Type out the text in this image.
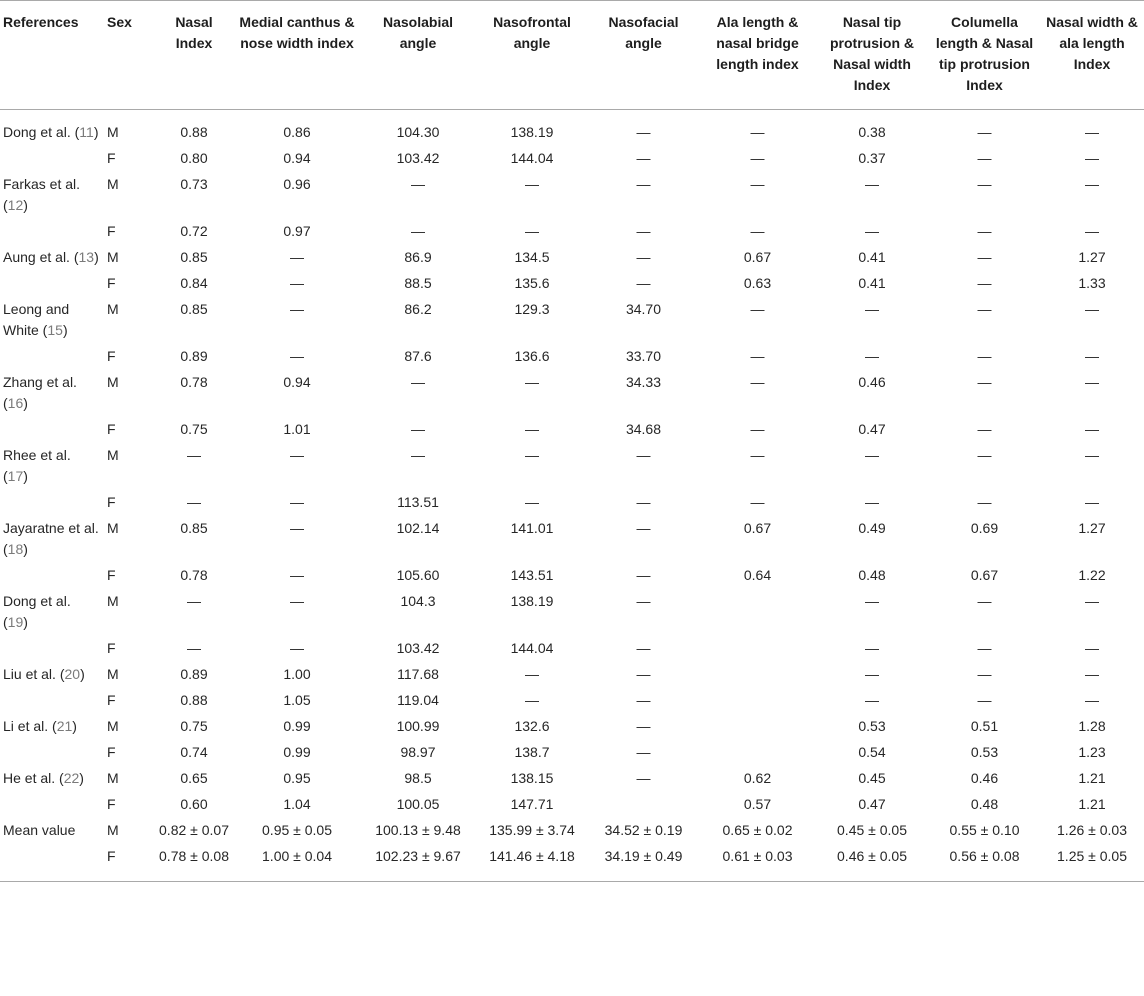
References	Sex	Nasal Index	Medial canthus & nose width index	Nasolabial angle	Nasofrontal angle	Nasofacial angle	Ala length & nasal bridge length index	Nasal tip protrusion & Nasal width Index	Columella length & Nasal tip protrusion Index	Nasal width & ala length Index
Dong et al. (11)	M	0.88	0.86	104.30	138.19	—	—	0.38	—	—
	F	0.80	0.94	103.42	144.04	—	—	0.37	—	—
Farkas et al. (12)	M	0.73	0.96	—	—	—	—	—	—	—
	F	0.72	0.97	—	—	—	—	—	—	—
Aung et al. (13)	M	0.85	—	86.9	134.5	—	0.67	0.41	—	1.27
	F	0.84	—	88.5	135.6	—	0.63	0.41	—	1.33
Leong and White (15)	M	0.85	—	86.2	129.3	34.70	—	—	—	—
	F	0.89	—	87.6	136.6	33.70	—	—	—	—
Zhang et al. (16)	M	0.78	0.94	—	—	34.33	—	0.46	—	—
	F	0.75	1.01	—	—	34.68	—	0.47	—	—
Rhee et al. (17)	M	—	—	—	—	—	—	—	—	—
	F	—	—	113.51	—	—	—	—	—	—
Jayaratne et al. (18)	M	0.85	—	102.14	141.01	—	0.67	0.49	0.69	1.27
	F	0.78	—	105.60	143.51	—	0.64	0.48	0.67	1.22
Dong et al. (19)	M	—	—	104.3	138.19	—		—	—	—
	F	—	—	103.42	144.04	—		—	—	—
Liu et al. (20)	M	0.89	1.00	117.68	—	—		—	—	—
	F	0.88	1.05	119.04	—	—		—	—	—
Li et al. (21)	M	0.75	0.99	100.99	132.6	—		0.53	0.51	1.28
	F	0.74	0.99	98.97	138.7	—		0.54	0.53	1.23
He et al. (22)	M	0.65	0.95	98.5	138.15	—	0.62	0.45	0.46	1.21
	F	0.60	1.04	100.05	147.71		0.57	0.47	0.48	1.21
Mean value	M	0.82 ± 0.07	0.95 ± 0.05	100.13 ± 9.48	135.99 ± 3.74	34.52 ± 0.19	0.65 ± 0.02	0.45 ± 0.05	0.55 ± 0.10	1.26 ± 0.03
	F	0.78 ± 0.08	1.00 ± 0.04	102.23 ± 9.67	141.46 ± 4.18	34.19 ± 0.49	0.61 ± 0.03	0.46 ± 0.05	0.56 ± 0.08	1.25 ± 0.05
